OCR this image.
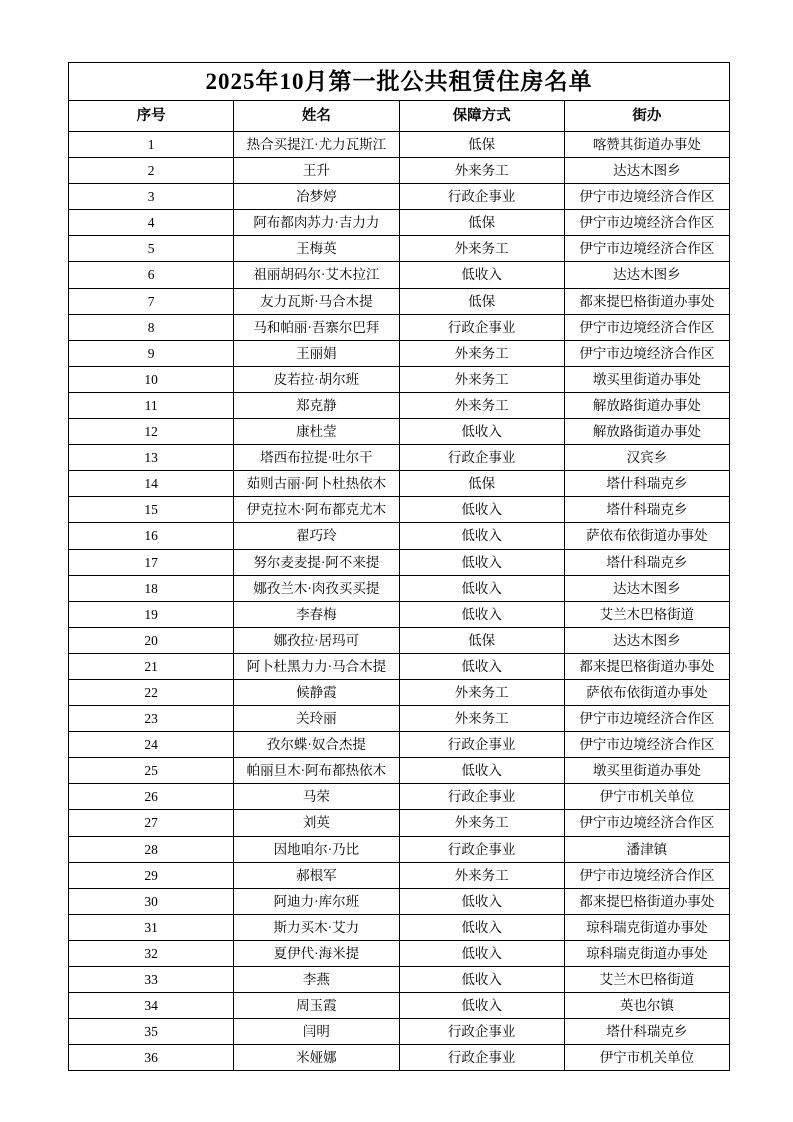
2025年10月第一批公共租赁住房名单			
序号	姓名	保障方式	街办
1	热合买提江·尤力瓦斯江	低保	喀赞其街道办事处
2	王升	外来务工	达达木图乡
3	冶梦婷	行政企事业	伊宁市边境经济合作区
4	阿布都肉苏力·吉力力	低保	伊宁市边境经济合作区
5	王梅英	外来务工	伊宁市边境经济合作区
6	祖丽胡码尔·艾木拉江	低收入	达达木图乡
7	友力瓦斯·马合木提	低保	都来提巴格街道办事处
8	马和帕丽·吾寨尔巴拜	行政企事业	伊宁市边境经济合作区
9	王丽娟	外来务工	伊宁市边境经济合作区
10	皮若拉·胡尔班	外来务工	墩买里街道办事处
11	郑克静	外来务工	解放路街道办事处
12	康杜莹	低收入	解放路街道办事处
13	塔西布拉提·吐尔干	行政企事业	汉宾乡
14	茹则古丽·阿卜杜热依木	低保	塔什科瑞克乡
15	伊克拉木·阿布都克尤木	低收入	塔什科瑞克乡
16	翟巧玲	低收入	萨依布依街道办事处
17	努尔麦麦提·阿不来提	低收入	塔什科瑞克乡
18	娜孜兰木·肉孜买买提	低收入	达达木图乡
19	李春梅	低收入	艾兰木巴格街道
20	娜孜拉·居玛可	低保	达达木图乡
21	阿卜杜黑力力·马合木提	低收入	都来提巴格街道办事处
22	候静霞	外来务工	萨依布依街道办事处
23	关玲丽	外来务工	伊宁市边境经济合作区
24	孜尔蝶·奴合杰提	行政企事业	伊宁市边境经济合作区
25	帕丽旦木·阿布都热依木	低收入	墩买里街道办事处
26	马荣	行政企事业	伊宁市机关单位
27	刘英	外来务工	伊宁市边境经济合作区
28	因地咱尔·乃比	行政企事业	潘津镇
29	郝根军	外来务工	伊宁市边境经济合作区
30	阿迪力·库尔班	低收入	都来提巴格街道办事处
31	斯力买木·艾力	低收入	琼科瑞克街道办事处
32	夏伊代·海米提	低收入	琼科瑞克街道办事处
33	李燕	低收入	艾兰木巴格街道
34	周玉霞	低收入	英也尔镇
35	闫明	行政企事业	塔什科瑞克乡
36	米娅娜	行政企事业	伊宁市机关单位
